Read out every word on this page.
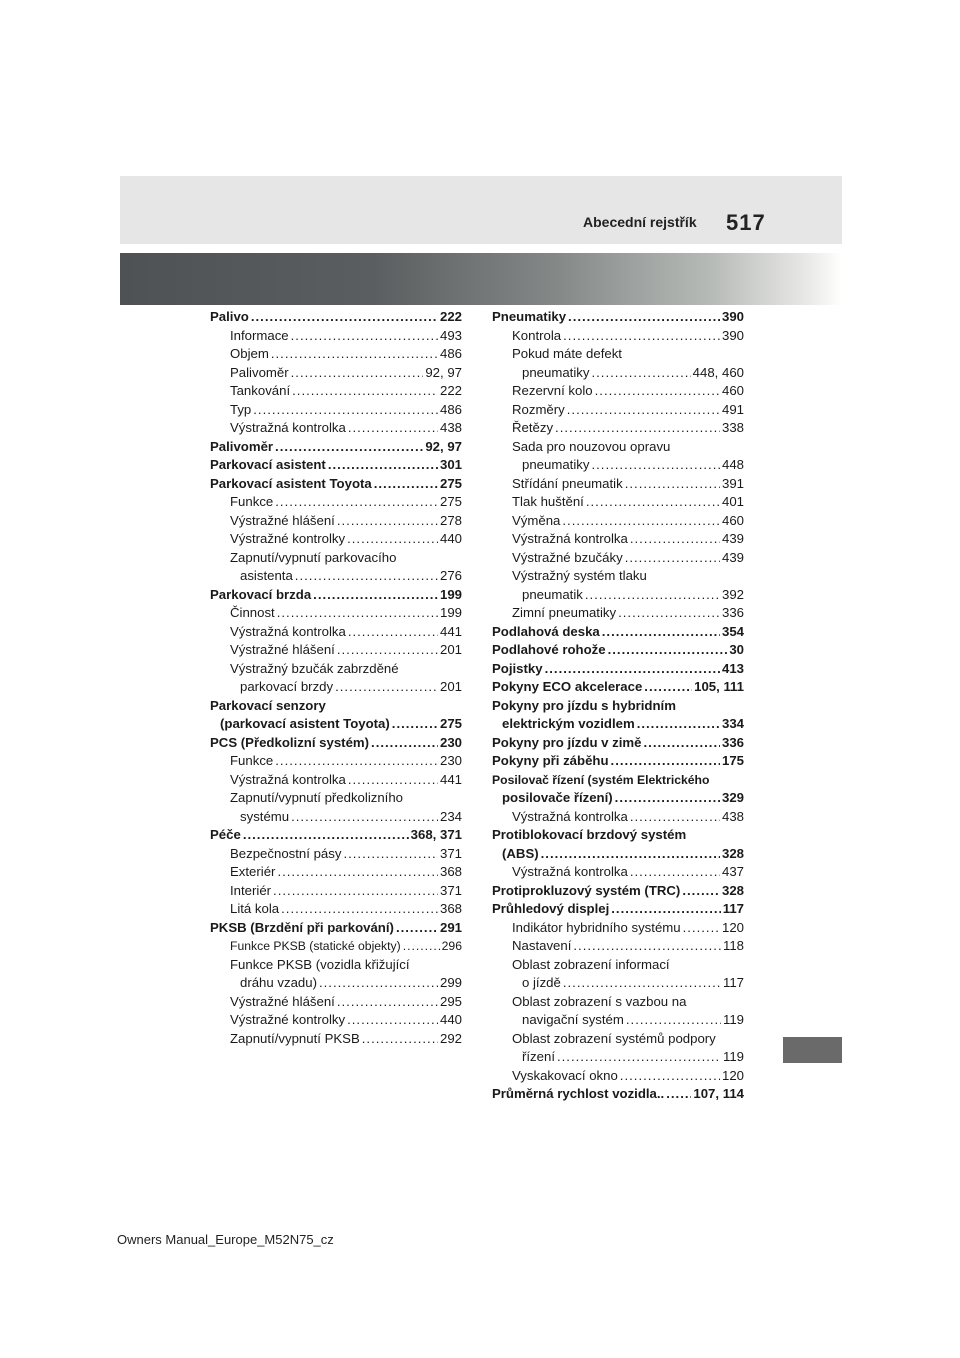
Abecední rejstřík 517
Palivo .....	222
Informace .....	493
Objem .....	486
Palivoměr .....	92, 97
Tankování .....	222
Typ .....	486
Výstražná kontrolka .....	438
Palivoměr .....	92, 97
Parkovací asistent .....	301
Parkovací asistent Toyota .....	275
Funkce .....	275
Výstražné hlášení .....	278
Výstražné kontrolky .....	440
Zapnutí/vypnutí parkovacího
asistenta .....	276
Parkovací brzda .....	199
Činnost .....	199
Výstražná kontrolka .....	441
Výstražné hlášení .....	201
Výstražný bzučák zabrzděné
parkovací brzdy .....	201
Parkovací senzory
(parkovací asistent Toyota) .....	275
PCS (Předkolizní systém) .....	230
Funkce .....	230
Výstražná kontrolka .....	441
Zapnutí/vypnutí předkolizního
systému .....	234
Péče .....	368, 371
Bezpečnostní pásy .....	371
Exteriér .....	368
Interiér .....	371
Litá kola .....	368
PKSB (Brzdění při parkování) .....	291
Funkce PKSB (statické objekty) .....	296
Funkce PKSB (vozidla křižující
dráhu vzadu) .....	299
Výstražné hlášení .....	295
Výstražné kontrolky .....	440
Zapnutí/vypnutí PKSB .....	292
Pneumatiky .....	390
Kontrola .....	390
Pokud máte defekt
pneumatiky .....	448, 460
Rezervní kolo .....	460
Rozměry .....	491
Řetězy .....	338
Sada pro nouzovou opravu
pneumatiky .....	448
Střídání pneumatik .....	391
Tlak huštění .....	401
Výměna .....	460
Výstražná kontrolka .....	439
Výstražné bzučáky .....	439
Výstražný systém tlaku
pneumatik .....	392
Zimní pneumatiky .....	336
Podlahová deska .....	354
Podlahové rohože .....	30
Pojistky .....	413
Pokyny ECO akcelerace .....	105, 111
Pokyny pro jízdu s hybridním
elektrickým vozidlem .....	334
Pokyny pro jízdu v zimě .....	336
Pokyny při záběhu .....	175
Posilovač řízení (systém Elektrického
posilovače řízení) .....	329
Výstražná kontrolka .....	438
Protiblokovací brzdový systém
(ABS) .....	328
Výstražná kontrolka .....	437
Protiprokluzový systém (TRC) .....	328
Průhledový displej .....	117
Indikátor hybridního systému .....	120
Nastavení .....	118
Oblast zobrazení informací
o jízdě .....	117
Oblast zobrazení s vazbou na
navigační systém .....	119
Oblast zobrazení systémů podpory
řízení .....	119
Vyskakovací okno .....	120
Průměrná rychlost vozidla.. ..... 107, 114
Owners Manual_Europe_M52N75_cz
